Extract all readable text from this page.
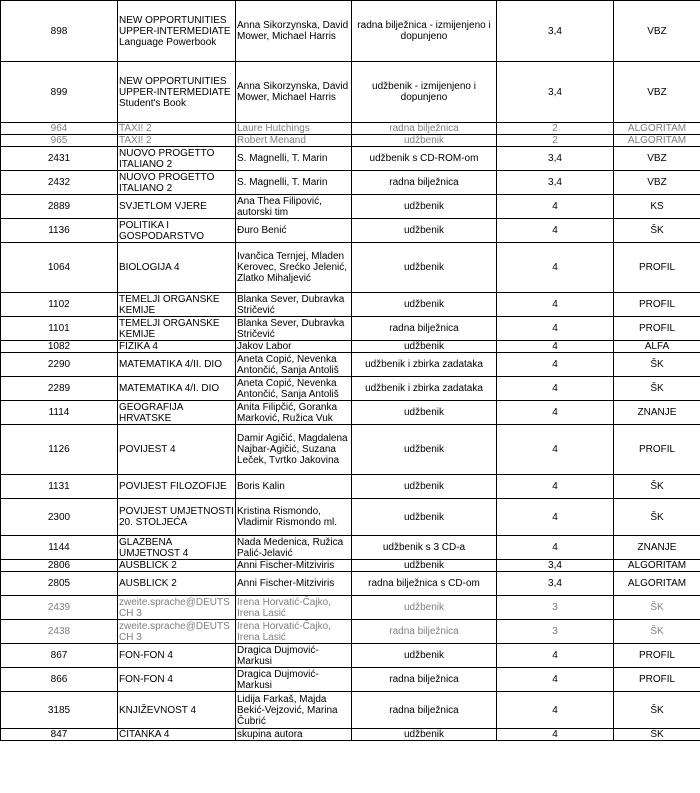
898	NEW OPPORTUNITIES UPPER-INTERMEDIATE Language Powerbook	Anna Sikorzynska, David Mower, Michael Harris	radna bilježnica - izmijenjeno i dopunjeno	3,4	VBZ
899	NEW OPPORTUNITIES UPPER-INTERMEDIATE Student's Book	Anna Sikorzynska, David Mower, Michael Harris	udžbenik - izmijenjeno i dopunjeno	3,4	VBZ
964	TAXI! 2	Laure Hutchings	radna bilježnica	2	ALGORITAM
965	TAXI! 2	Robert Menand	udžbenik	2	ALGORITAM
2431	NUOVO PROGETTO ITALIANO 2	S. Magnelli, T. Marin	udžbenik s CD-ROM-om	3,4	VBZ
2432	NUOVO PROGETTO ITALIANO 2	S. Magnelli, T. Marin	radna bilježnica	3,4	VBZ
2889	SVJETLOM VJERE	Ana Thea Filipović, autorski tim	udžbenik	4	KS
1136	POLITIKA I GOSPODARSTVO	Đuro Benić	udžbenik	4	ŠK
1064	BIOLOGIJA 4	Ivančica Ternjej, Mladen Kerovec, Srećko Jelenić, Zlatko Mihaljević	udžbenik	4	PROFIL
1102	TEMELJI ORGANSKE KEMIJE	Blanka Sever, Dubravka Stričević	udžbenik	4	PROFIL
1101	TEMELJI ORGANSKE KEMIJE	Blanka Sever, Dubravka Stričević	radna bilježnica	4	PROFIL
1082	FIZIKA 4	Jakov Labor	udžbenik	4	ALFA
2290	MATEMATIKA 4/II. DIO	Aneta Copić, Nevenka Antončić, Sanja Antoliš	udžbenik i zbirka zadataka	4	ŠK
2289	MATEMATIKA 4/I. DIO	Aneta Copić, Nevenka Antončić, Sanja Antoliš	udžbenik i zbirka zadataka	4	ŠK
1114	GEOGRAFIJA HRVATSKE	Anita Filipčić, Goranka Marković, Ružica Vuk	udžbenik	4	ZNANJE
1126	POVIJEST 4	Damir Agičić, Magdalena Najbar-Agičić, Suzana Leček, Tvrtko Jakovina	udžbenik	4	PROFIL
1131	POVIJEST FILOZOFIJE	Boris Kalin	udžbenik	4	ŠK
2300	POVIJEST UMJETNOSTI 20. STOLJEĆA	Kristina Rismondo, Vladimir Rismondo ml.	udžbenik	4	ŠK
1144	GLAZBENA UMJETNOST 4	Nada Medenica, Ružica Palić-Jelavić	udžbenik s 3 CD-a	4	ZNANJE
2806	AUSBLICK 2	Anni Fischer-Mitziviris	udžbenik	3,4	ALGORITAM
2805	AUSBLICK 2	Anni Fischer-Mitziviris	radna bilježnica s CD-om	3,4	ALGORITAM
2439	zweite.sprache@DEUTSCH 3	Irena Horvatić-Čajko, Irena Lasić	udžbenik	3	ŠK
2438	zweite.sprache@DEUTSCH 3	Irena Horvatić-Čajko, Irena Lasić	radna bilježnica	3	ŠK
867	FON-FON 4	Dragica Dujmović-Markusi	udžbenik	4	PROFIL
866	FON-FON 4	Dragica Dujmović-Markusi	radna bilježnica	4	PROFIL
3185	KNJIŽEVNOST 4	Lidija Farkaš, Majda Bekić-Vejzović, Marina Čubrić	radna bilježnica	4	ŠK
847	ČITANKA 4	skupina autora	udžbenik	4	ŠK
